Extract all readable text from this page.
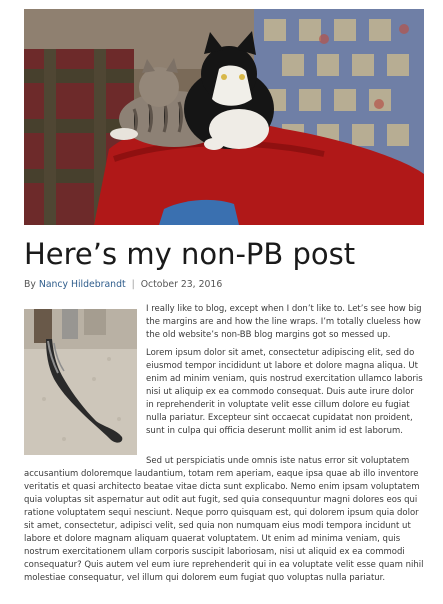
Here’s my non-PB post
By Nancy Hildebrandt | October 23, 2016

I really like to blog, except when I don’t like to. Let’s see how big the margins are and how the line wraps. I’m totally clueless how the old website’s non-BB blog margins got so messed up.

Lorem ipsum dolor sit amet, consectetur adipiscing elit, sed do eiusmod tempor incididunt ut labore et dolore magna aliqua. Ut enim ad minim veniam, quis nostrud exercitation ullamco laboris nisi ut aliquip ex ea commodo consequat. Duis aute irure dolor in reprehenderit in voluptate velit esse cillum dolore eu fugiat nulla pariatur. Excepteur sint occaecat cupidatat non proident, sunt in culpa qui officia deserunt mollit anim id est laborum.

Sed ut perspiciatis unde omnis iste natus error sit voluptatem
accusantium doloremque laudantium, totam rem aperiam, eaque ipsa quae ab illo inventore veritatis et quasi architecto beatae vitae dicta sunt explicabo. Nemo enim ipsam voluptatem quia voluptas sit aspernatur aut odit aut fugit, sed quia consequuntur magni dolores eos qui ratione voluptatem sequi nesciunt. Neque porro quisquam est, qui dolorem ipsum quia dolor sit amet, consectetur, adipisci velit, sed quia non numquam eius modi tempora incidunt ut labore et dolore magnam aliquam quaerat voluptatem. Ut enim ad minima veniam, quis nostrum exercitationem ullam corporis suscipit laboriosam, nisi ut aliquid ex ea commodi consequatur? Quis autem vel eum iure reprehenderit qui in ea voluptate velit esse quam nihil molestiae consequatur, vel illum qui dolorem eum fugiat quo voluptas nulla pariatur.
